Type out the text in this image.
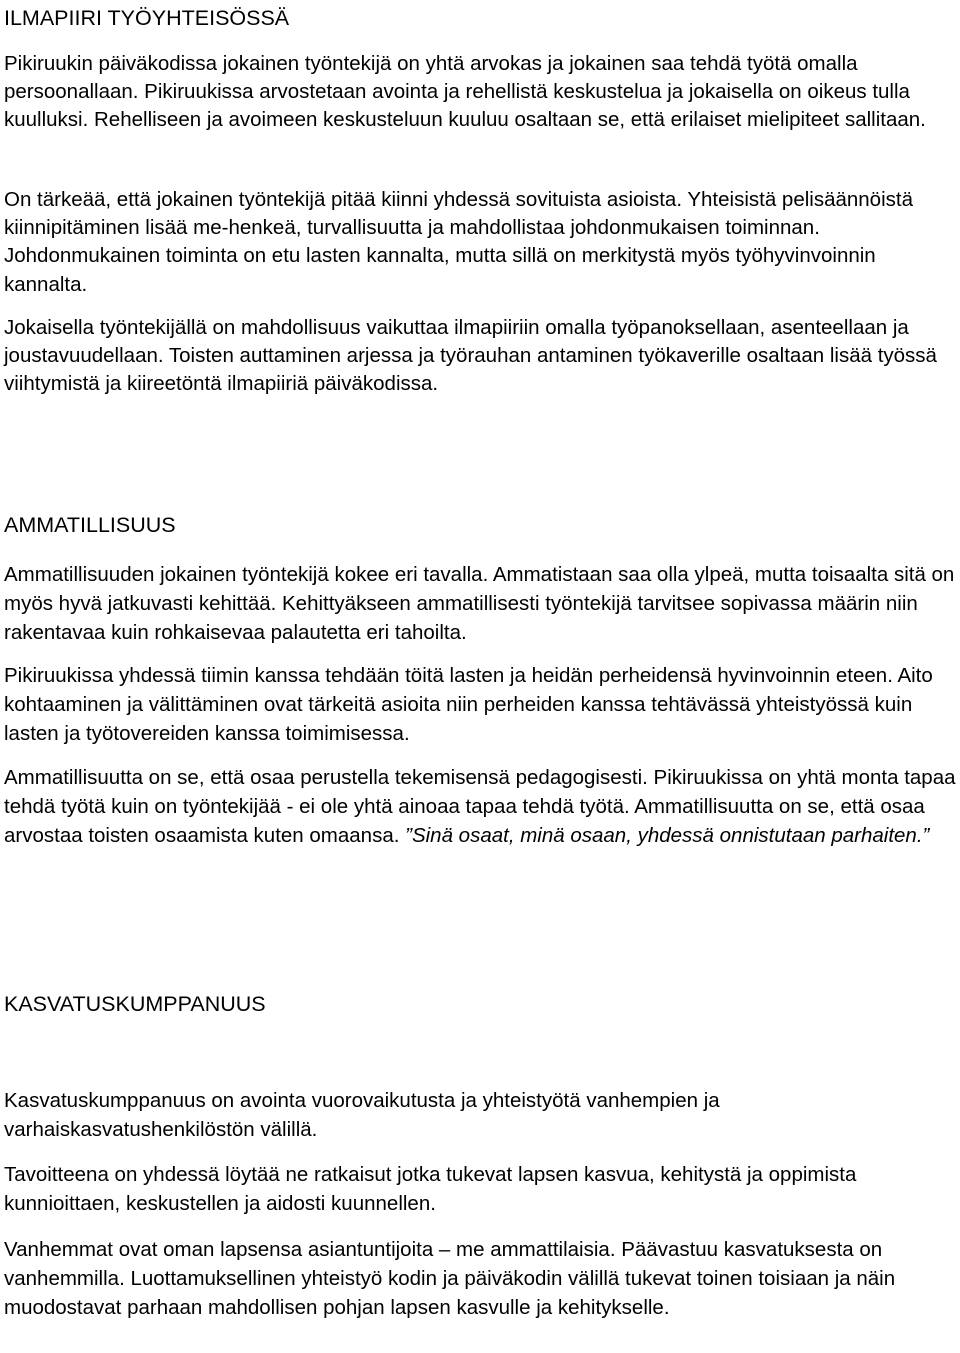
ILMAPIIRI TYÖYHTEISÖSSÄ

Pikiruukin päiväkodissa jokainen työntekijä on yhtä arvokas ja jokainen saa tehdä työtä omalla persoonallaan. Pikiruukissa arvostetaan avointa ja rehellistä keskustelua ja jokaisella on oikeus tulla kuulluksi. Rehelliseen ja avoimeen keskusteluun kuuluu osaltaan se, että erilaiset mielipiteet sallitaan.

On tärkeää, että jokainen työntekijä pitää kiinni yhdessä sovituista asioista. Yhteisistä pelisäännöistä kiinnipitäminen lisää me-henkeä, turvallisuutta ja mahdollistaa johdonmukaisen toiminnan. Johdonmukainen toiminta on etu lasten kannalta, mutta sillä on merkitystä myös työhyvinvoinnin kannalta.

Jokaisella työntekijällä on mahdollisuus vaikuttaa ilmapiiriin omalla työpanoksellaan, asenteellaan ja joustavuudellaan. Toisten auttaminen arjessa ja työrauhan antaminen työkaverille osaltaan lisää työssä viihtymistä ja kiireetöntä ilmapiiriä päiväkodissa.

AMMATILLISUUS

Ammatillisuuden jokainen työntekijä kokee eri tavalla. Ammatistaan saa olla ylpeä, mutta toisaalta sitä on myös hyvä jatkuvasti kehittää. Kehittyäkseen ammatillisesti työntekijä tarvitsee sopivassa määrin niin rakentavaa kuin rohkaisevaa palautetta eri tahoilta.

Pikiruukissa yhdessä tiimin kanssa tehdään töitä lasten ja heidän perheidensä hyvinvoinnin eteen. Aito kohtaaminen ja välittäminen ovat tärkeitä asioita niin perheiden kanssa tehtävässä yhteistyössä kuin lasten ja työtovereiden kanssa toimimisessa.

Ammatillisuutta on se, että osaa perustella tekemisensä pedagogisesti. Pikiruukissa on yhtä monta tapaa tehdä työtä kuin on työntekijää - ei ole yhtä ainoaa tapaa tehdä työtä. Ammatillisuutta on se, että osaa arvostaa toisten osaamista kuten omaansa. ”Sinä osaat, minä osaan, yhdessä onnistutaan parhaiten.”

KASVATUSKUMPPANUUS

Kasvatuskumppanuus on avointa vuorovaikutusta ja yhteistyötä vanhempien ja varhaiskasvatushenkilöstön välillä.

Tavoitteena on yhdessä löytää ne ratkaisut jotka tukevat lapsen kasvua, kehitystä ja oppimista kunnioittaen, keskustellen ja aidosti kuunnellen.

Vanhemmat ovat oman lapsensa asiantuntijoita – me ammattilaisia. Päävastuu kasvatuksesta on vanhemmilla. Luottamuksellinen yhteistyö kodin ja päiväkodin välillä tukevat toinen toisiaan ja näin muodostavat parhaan mahdollisen pohjan lapsen kasvulle ja kehitykselle.
